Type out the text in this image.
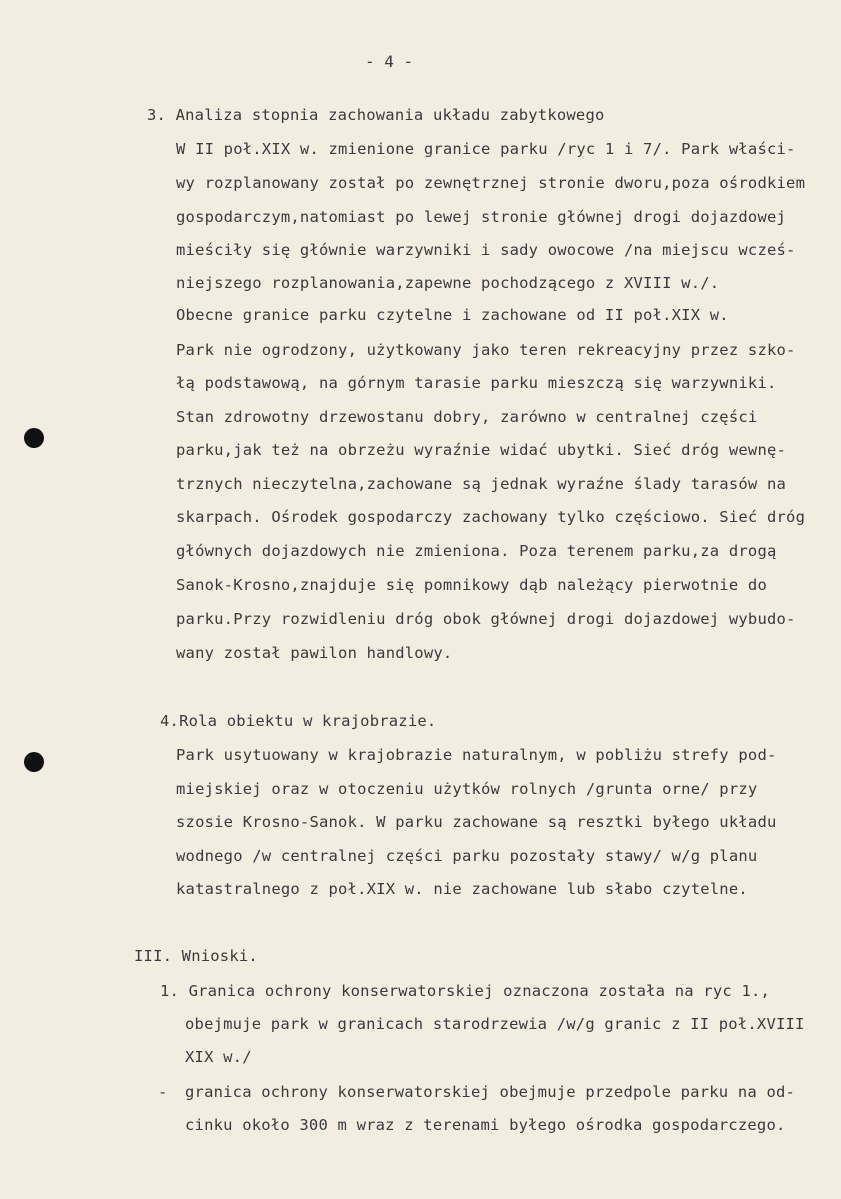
- 4 -
3. Analiza stopnia zachowania układu zabytkowego
W II poł.XIX w. zmienione granice parku /ryc 1 i 7/. Park właści-
wy rozplanowany został po zewnętrznej stronie dworu,poza ośrodkiem
gospodarczym,natomiast po lewej stronie głównej drogi dojazdowej
mieściły się głównie warzywniki i sady owocowe /na miejscu wcześ-
niejszego rozplanowania,zapewne pochodzącego z XVIII w./.
Obecne granice parku czytelne i zachowane od II poł.XIX w.
Park nie ogrodzony, użytkowany jako teren rekreacyjny przez szko-
łą podstawową, na górnym tarasie parku mieszczą się warzywniki.
Stan zdrowotny drzewostanu dobry, zarówno w centralnej części
parku,jak też na obrzeżu wyraźnie widać ubytki. Sieć dróg wewnę-
trznych nieczytelna,zachowane są jednak wyraźne ślady tarasów na
skarpach. Ośrodek gospodarczy zachowany tylko częściowo. Sieć dróg
głównych dojazdowych nie zmieniona. Poza terenem parku,za drogą
Sanok-Krosno,znajduje się pomnikowy dąb należący pierwotnie do
parku.Przy rozwidleniu dróg obok głównej drogi dojazdowej wybudo-
wany został pawilon handlowy.
4.Rola obiektu w krajobrazie.
Park usytuowany w krajobrazie naturalnym, w pobliżu strefy pod-
miejskiej oraz w otoczeniu użytków rolnych /grunta orne/ przy
szosie Krosno-Sanok. W parku zachowane są resztki byłego układu
wodnego /w centralnej części parku pozostały stawy/ w/g planu
katastralnego z poł.XIX w. nie zachowane lub słabo czytelne.
III. Wnioski.
1. Granica ochrony konserwatorskiej oznaczona została na ryc 1.,
obejmuje park w granicach starodrzewia /w/g granic z II poł.XVIII
XIX w./
- granica ochrony konserwatorskiej obejmuje przedpole parku na od-
cinku około 300 m wraz z terenami byłego ośrodka gospodarczego.
